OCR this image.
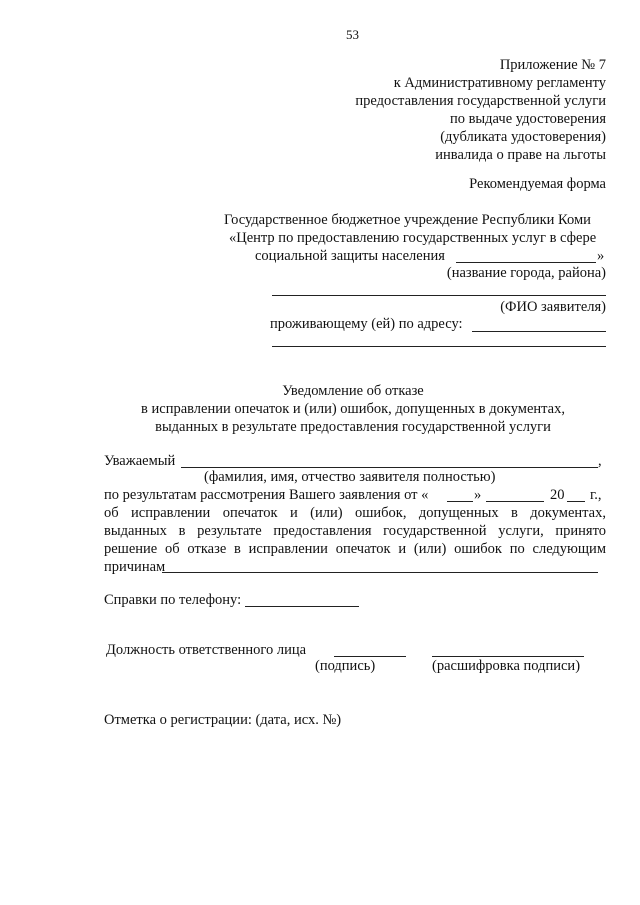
53
Приложение № 7
к Административному регламенту
предоставления государственной услуги
по выдаче удостоверения
(дубликата удостоверения)
инвалида о праве на льготы
Рекомендуемая форма
Государственное бюджетное учреждение Республики Коми
«Центр по предоставлению государственных услуг в сфере
социальной защиты населения	»
(название города, района)
(ФИО заявителя)
проживающему (ей) по адресу:
Уведомление об отказе
в исправлении опечаток и (или) ошибок, допущенных в документах,
выданных в результате предоставления государственной услуги
Уважаемый	,
(фамилия, имя, отчество заявителя полностью)
по результатам рассмотрения Вашего заявления от «	»	20 г.,
об исправлении опечаток и (или) ошибок, допущенных в документах,
выданных в результате предоставления государственной услуги, принято
решение об отказе в исправлении опечаток и (или) ошибок по следующим
причинам
Справки по телефону:
Должность ответственного лица
(подпись)	(расшифровка подписи)
Отметка о регистрации: (дата, исх. №)
